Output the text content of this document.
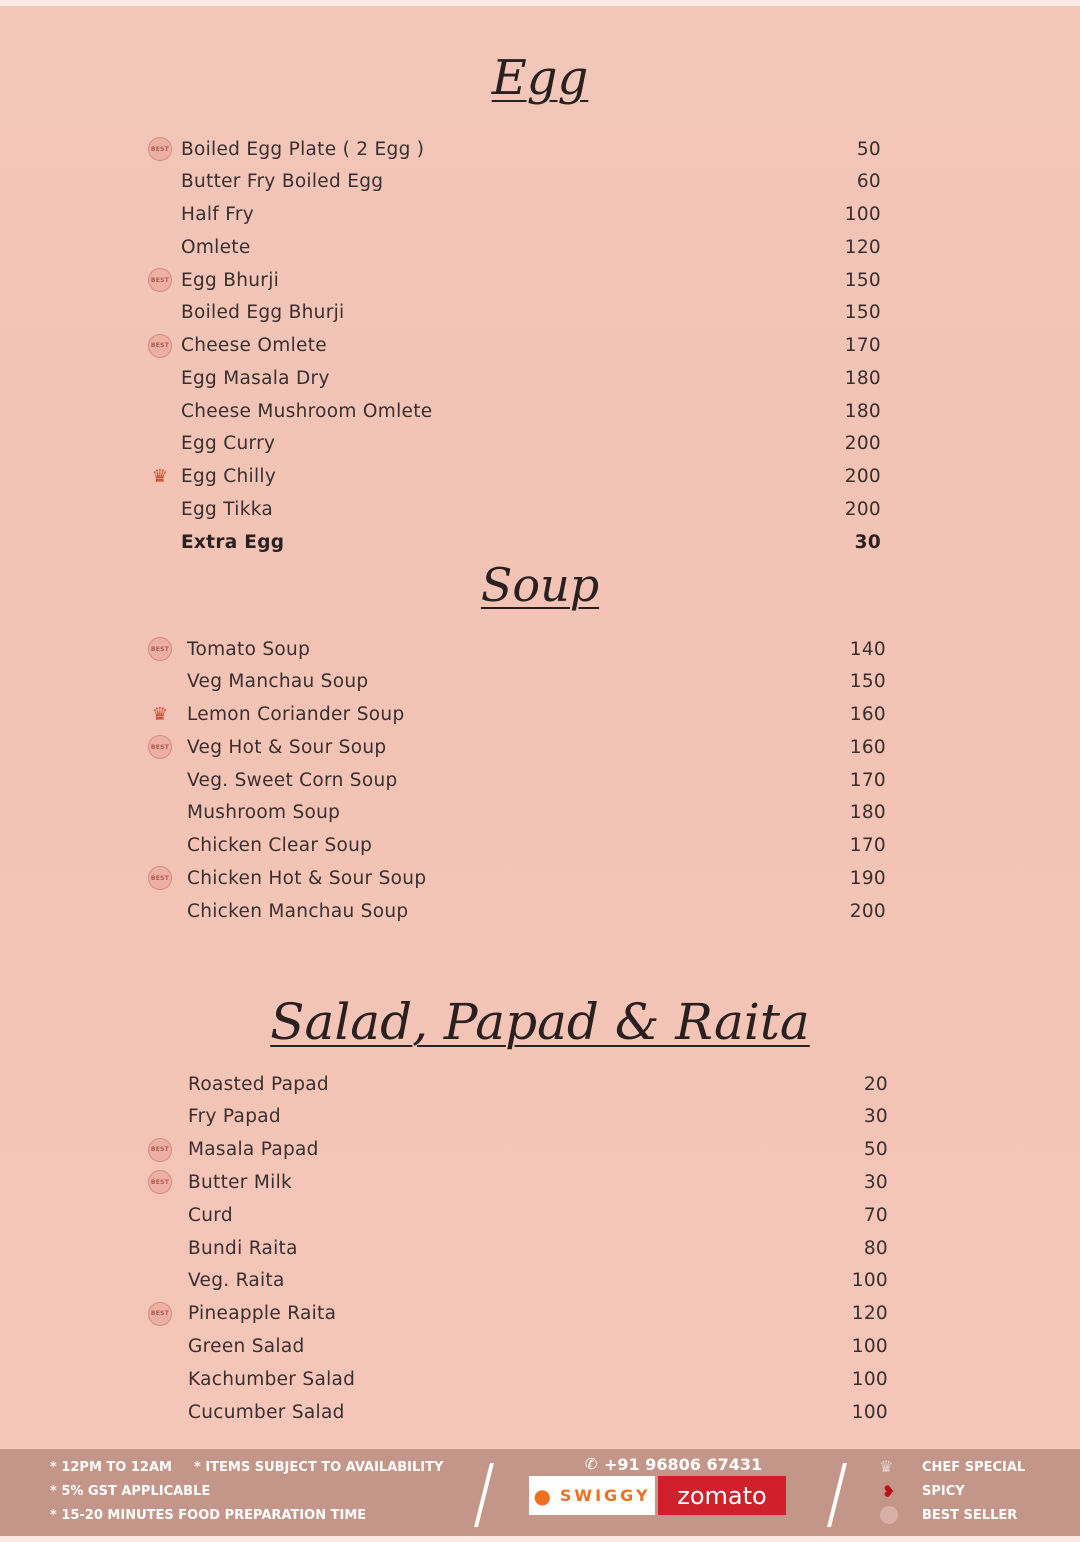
Egg
BEST Boiled Egg Plate ( 2 Egg )	50
Butter Fry Boiled Egg	60
Half Fry	100
Omlete	120
BEST Egg Bhurji	150
Boiled Egg Bhurji	150
BEST Cheese Omlete	170
Egg Masala Dry	180
Cheese Mushroom Omlete	180
Egg Curry	200
♛ Egg Chilly	200
Egg Tikka	200
Extra Egg	30
Soup
BEST Tomato Soup	140
Veg Manchau Soup	150
♛ Lemon Coriander Soup	160
BEST Veg Hot & Sour Soup	160
Veg. Sweet Corn Soup	170
Mushroom Soup	180
Chicken Clear Soup	170
BEST Chicken Hot & Sour Soup	190
Chicken Manchau Soup	200
Salad, Papad & Raita
Roasted Papad	20
Fry Papad	30
BEST Masala Papad	50
BEST Butter Milk	30
Curd	70
Bundi Raita	80
Veg. Raita	100
BEST Pineapple Raita	120
Green Salad	100
Kachumber Salad	100
Cucumber Salad	100
* 12PM TO 12AM * ITEMS SUBJECT TO AVAILABILITY
* 5% GST APPLICABLE
* 15-20 MINUTES FOOD PREPARATION TIME
✆ +91 96806 67431
● SWIGGY zomato
♛
❥
CHEF SPECIAL
SPICY
BEST SELLER
